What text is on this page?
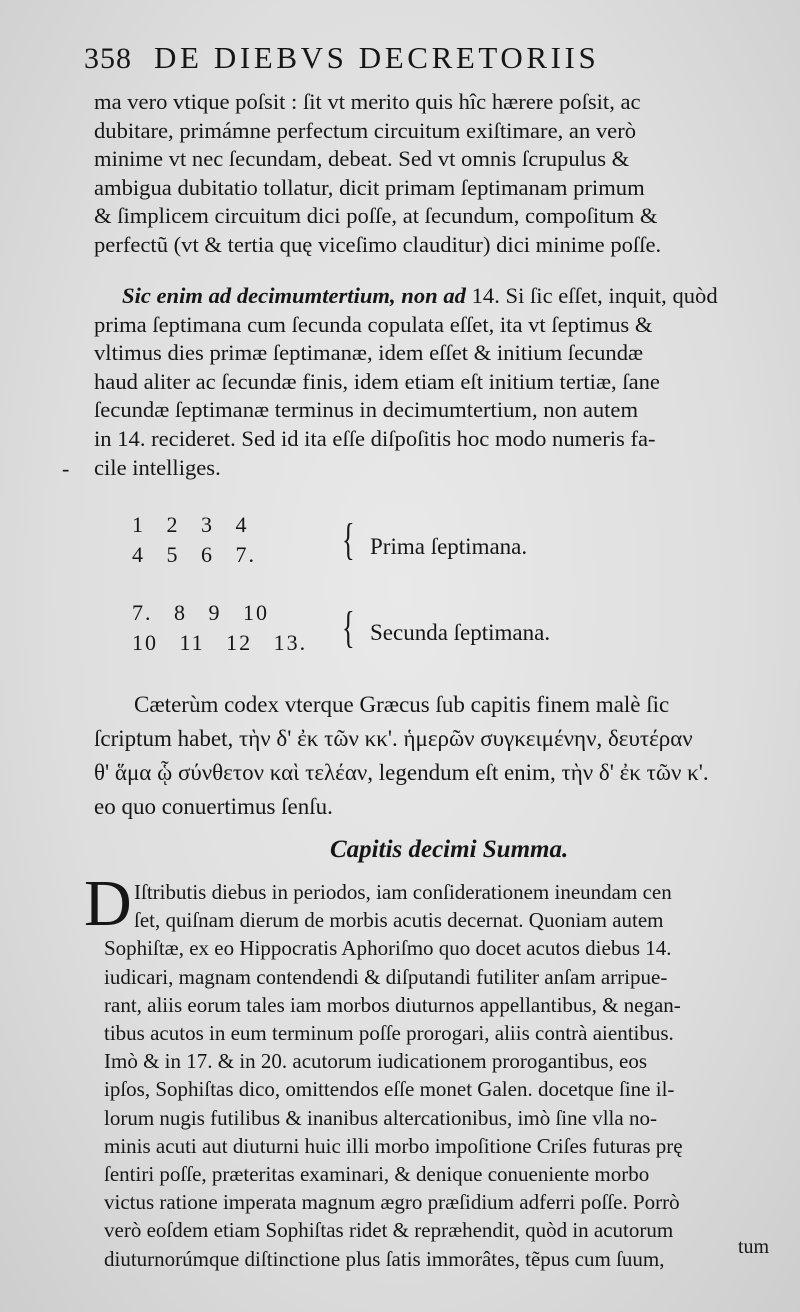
358 DE DIEBVS DECRETORIIS
ma vero vtique poſsit : ſit vt merito quis hîc hærere poſsit, ac
dubitare, primámne perfectum circuitum exiſtimare, an verò
minime vt nec ſecundam, debeat. Sed vt omnis ſcrupulus &
ambigua dubitatio tollatur, dicit primam ſeptimanam primum
& ſimplicem circuitum dici poſſe, at ſecundum, compoſitum &
perfectũ (vt & tertia quę viceſimo clauditur) dici minime poſſe.
Sic enim ad decimumtertium, non ad 14. Si ſic eſſet, inquit, quòd
prima ſeptimana cum ſecunda copulata eſſet, ita vt ſeptimus &
vltimus dies primæ ſeptimanæ, idem eſſet & initium ſecundæ
haud aliter ac ſecundæ finis, idem etiam eſt initium tertiæ, ſane
ſecundæ ſeptimanæ terminus in decimumtertium, non autem
in 14. recideret. Sed id ita eſſe diſpoſitis hoc modo numeris fa-
cile intelliges.
-
1 2 3 4
4 5 6 7. { Prima ſeptimana.
7. 8 9 10
10 11 12 13. { Secunda ſeptimana.
Cæterùm codex vterque Græcus ſub capitis finem malè ſic
ſcriptum habet, τὴν δ' ἐκ τῶν κκ'. ἡμερῶν συγκειμένην, δευτέραν
θ' ἅμα ᾧ σύνθετον καὶ τελέαν, legendum eſt enim, τὴν δ' ἐκ τῶν κ'.
eo quo conuertimus ſenſu.
Capitis decimi Summa.
D Iſtributis diebus in periodos, iam conſiderationem ineundam cen
ſet, quiſnam dierum de morbis acutis decernat. Quoniam autem
Sophiſtæ, ex eo Hippocratis Aphoriſmo quo docet acutos diebus 14.
iudicari, magnam contendendi & diſputandi futiliter anſam arripue-
rant, aliis eorum tales iam morbos diuturnos appellantibus, & negan-
tibus acutos in eum terminum poſſe prorogari, aliis contrà aientibus.
Imò & in 17. & in 20. acutorum iudicationem prorogantibus, eos
ipſos, Sophiſtas dico, omittendos eſſe monet Galen. docetque ſine il-
lorum nugis futilibus & inanibus altercationibus, imò ſine vlla no-
minis acuti aut diuturni huic illi morbo impoſitione Criſes futuras prę
ſentiri poſſe, præteritas examinari, & denique conueniente morbo
victus ratione imperata magnum ægro præſidium adferri poſſe. Porrò
verò eoſdem etiam Sophiſtas ridet & repræhendit, quòd in acutorum
diuturnorúmque diſtinctione plus ſatis immorâtes, tẽpus cum ſuum,	tum
